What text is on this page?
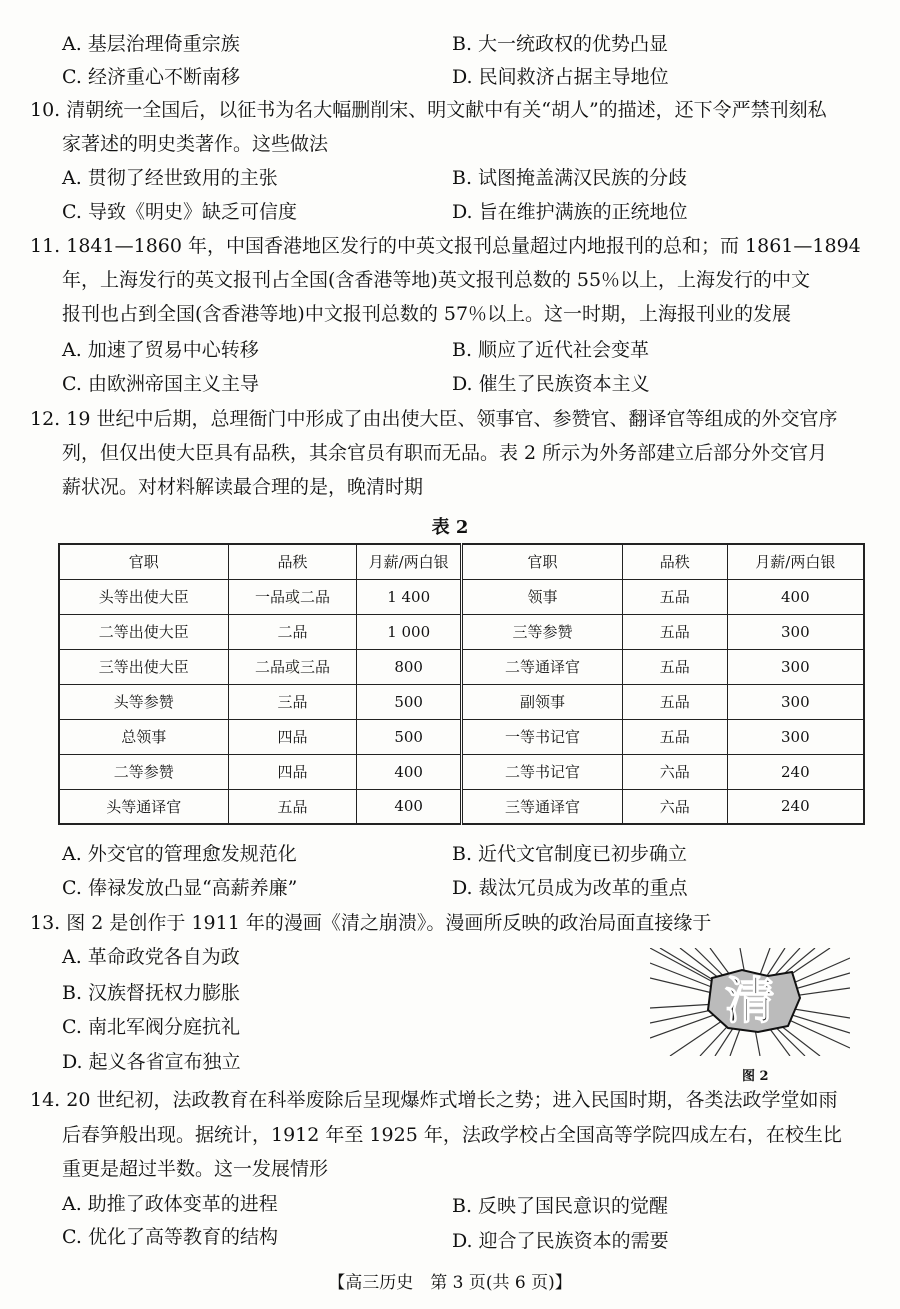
A. 基层治理倚重宗族	B. 大一统政权的优势凸显
C. 经济重心不断南移	D. 民间救济占据主导地位
10. 清朝统一全国后，以征书为名大幅删削宋、明文献中有关“胡人”的描述，还下令严禁刊刻私
家著述的明史类著作。这些做法
A. 贯彻了经世致用的主张	B. 试图掩盖满汉民族的分歧
C. 导致《明史》缺乏可信度	D. 旨在维护满族的正统地位
11. 1841—1860 年，中国香港地区发行的中英文报刊总量超过内地报刊的总和；而 1861—1894
年，上海发行的英文报刊占全国(含香港等地)英文报刊总数的 55％以上，上海发行的中文
报刊也占到全国(含香港等地)中文报刊总数的 57％以上。这一时期，上海报刊业的发展
A. 加速了贸易中心转移	B. 顺应了近代社会变革
C. 由欧洲帝国主义主导	D. 催生了民族资本主义
12. 19 世纪中后期，总理衙门中形成了由出使大臣、领事官、参赞官、翻译官等组成的外交官序
列，但仅出使大臣具有品秩，其余官员有职而无品。表 2 所示为外务部建立后部分外交官月
薪状况。对材料解读最合理的是，晚清时期
表 2
官职	品秩	月薪/两白银	官职	品秩	月薪/两白银
头等出使大臣	一品或二品	1 400	领事	五品	400
二等出使大臣	二品	1 000	三等参赞	五品	300
三等出使大臣	二品或三品	800	二等通译官	五品	300
头等参赞	三品	500	副领事	五品	300
总领事	四品	500	一等书记官	五品	300
二等参赞	四品	400	二等书记官	六品	240
头等通译官	五品	400	三等通译官	六品	240
A. 外交官的管理愈发规范化	B. 近代文官制度已初步确立
C. 俸禄发放凸显“高薪养廉”	D. 裁汰冗员成为改革的重点
13. 图 2 是创作于 1911 年的漫画《清之崩溃》。漫画所反映的政治局面直接缘于
A. 革命政党各自为政
B. 汉族督抚权力膨胀
C. 南北军阀分庭抗礼
D. 起义各省宣布独立
清
图 2
14. 20 世纪初，法政教育在科举废除后呈现爆炸式增长之势；进入民国时期，各类法政学堂如雨
后春笋般出现。据统计，1912 年至 1925 年，法政学校占全国高等学院四成左右，在校生比
重更是超过半数。这一发展情形
A. 助推了政体变革的进程	B. 反映了国民意识的觉醒
C. 优化了高等教育的结构	D. 迎合了民族资本的需要
【高三历史　第 3 页(共 6 页)】
